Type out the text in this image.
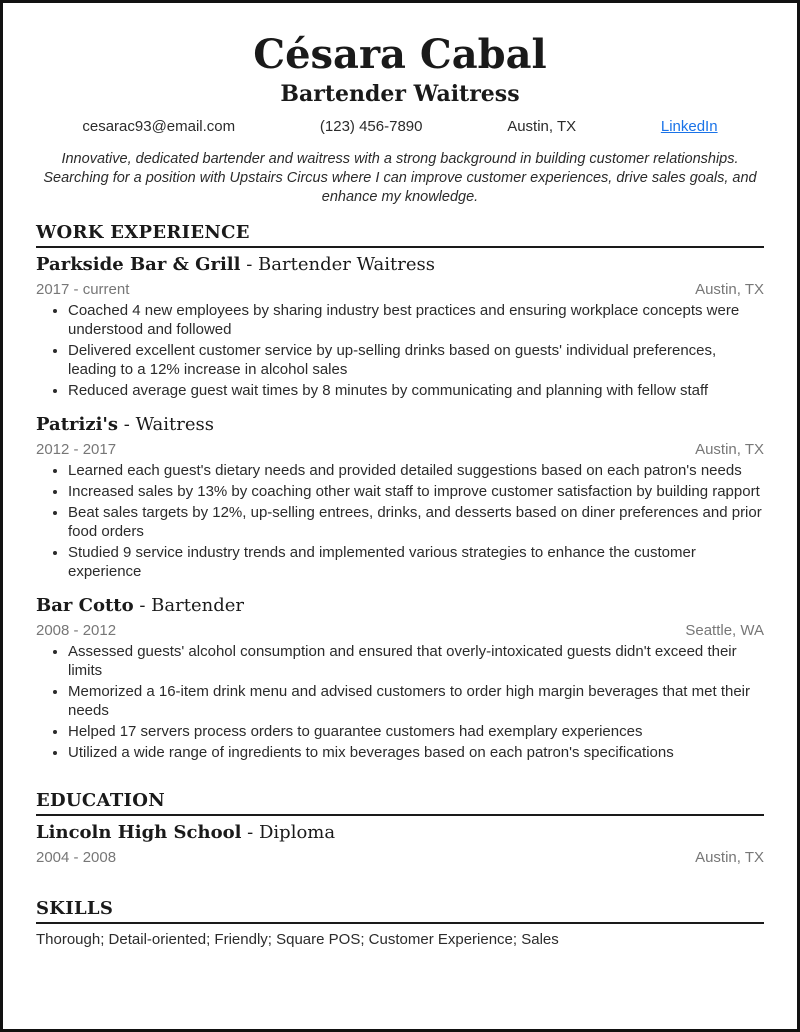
Césara Cabal
Bartender Waitress
cesarac93@email.com	(123) 456-7890	Austin, TX	LinkedIn
Innovative, dedicated bartender and waitress with a strong background in building customer relationships. Searching for a position with Upstairs Circus where I can improve customer experiences, drive sales goals, and enhance my knowledge.
WORK EXPERIENCE
Parkside Bar & Grill - Bartender Waitress
2017 - current	Austin, TX
• Coached 4 new employees by sharing industry best practices and ensuring workplace concepts were understood and followed
• Delivered excellent customer service by up-selling drinks based on guests' individual preferences, leading to a 12% increase in alcohol sales
• Reduced average guest wait times by 8 minutes by communicating and planning with fellow staff
Patrizi's - Waitress
2012 - 2017	Austin, TX
• Learned each guest's dietary needs and provided detailed suggestions based on each patron's needs
• Increased sales by 13% by coaching other wait staff to improve customer satisfaction by building rapport
• Beat sales targets by 12%, up-selling entrees, drinks, and desserts based on diner preferences and prior food orders
• Studied 9 service industry trends and implemented various strategies to enhance the customer experience
Bar Cotto - Bartender
2008 - 2012	Seattle, WA
• Assessed guests' alcohol consumption and ensured that overly-intoxicated guests didn't exceed their limits
• Memorized a 16-item drink menu and advised customers to order high margin beverages that met their needs
• Helped 17 servers process orders to guarantee customers had exemplary experiences
• Utilized a wide range of ingredients to mix beverages based on each patron's specifications
EDUCATION
Lincoln High School - Diploma
2004 - 2008	Austin, TX
SKILLS
Thorough; Detail-oriented; Friendly; Square POS; Customer Experience; Sales
